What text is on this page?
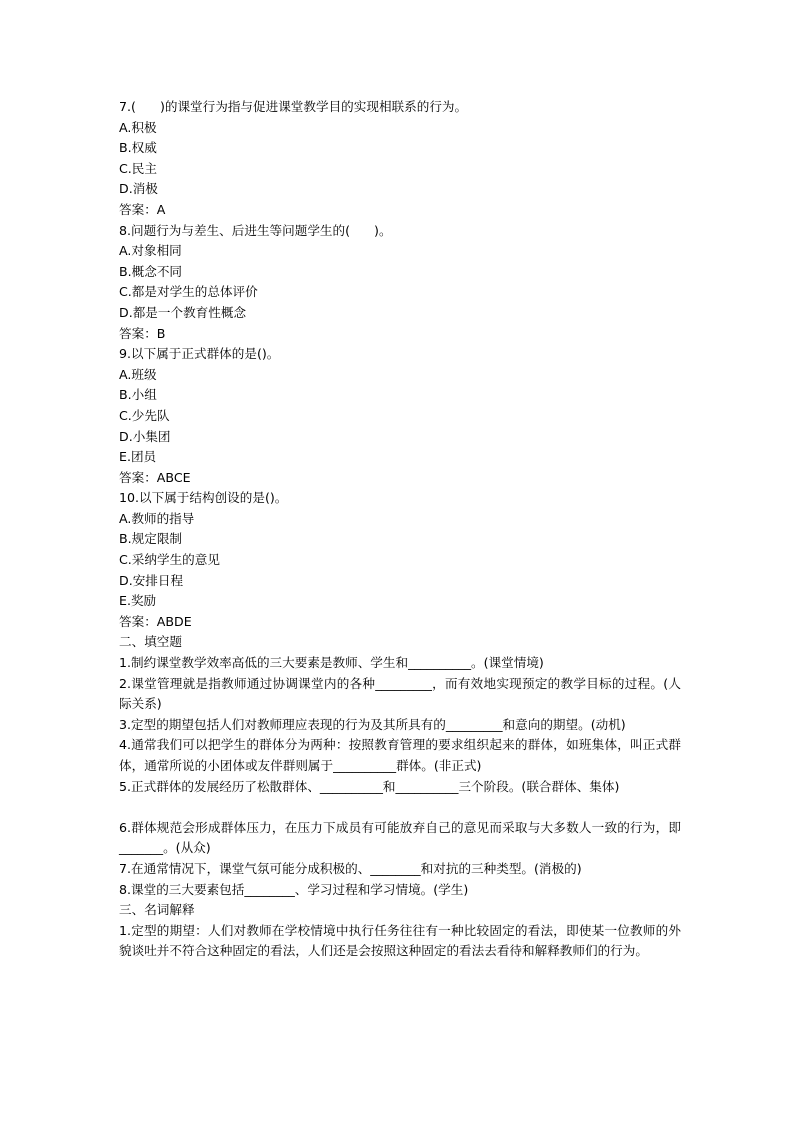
7.(      )的课堂行为指与促进课堂教学目的实现相联系的行为。
A.积极
B.权威
C.民主
D.消极
答案：A
8.问题行为与差生、后进生等问题学生的(      )。
A.对象相同
B.概念不同
C.都是对学生的总体评价
D.都是一个教育性概念
答案：B
9.以下属于正式群体的是()。
A.班级
B.小组
C.少先队
D.小集团
E.团员
答案：ABCE
10.以下属于结构创设的是()。
A.教师的指导
B.规定限制
C.采纳学生的意见
D.安排日程
E.奖励
答案：ABDE
二、填空题
1.制约课堂教学效率高低的三大要素是教师、学生和__________。(课堂情境)
2.课堂管理就是指教师通过协调课堂内的各种_________，而有效地实现预定的教学目标的过程。(人际关系)
3.定型的期望包括人们对教师理应表现的行为及其所具有的_________和意向的期望。(动机)
4.通常我们可以把学生的群体分为两种：按照教育管理的要求组织起来的群体，如班集体，叫正式群体，通常所说的小团体或友伴群则属于__________群体。(非正式)
5.正式群体的发展经历了松散群体、__________和__________三个阶段。(联合群体、集体)
6.群体规范会形成群体压力，在压力下成员有可能放弃自己的意见而采取与大多数人一致的行为，即_______。(从众)
7.在通常情况下，课堂气氛可能分成积极的、________和对抗的三种类型。(消极的)
8.课堂的三大要素包括________、学习过程和学习情境。(学生)
三、名词解释
1.定型的期望：人们对教师在学校情境中执行任务往往有一种比较固定的看法，即使某一位教师的外貌谈吐并不符合这种固定的看法，人们还是会按照这种固定的看法去看待和解释教师们的行为。
